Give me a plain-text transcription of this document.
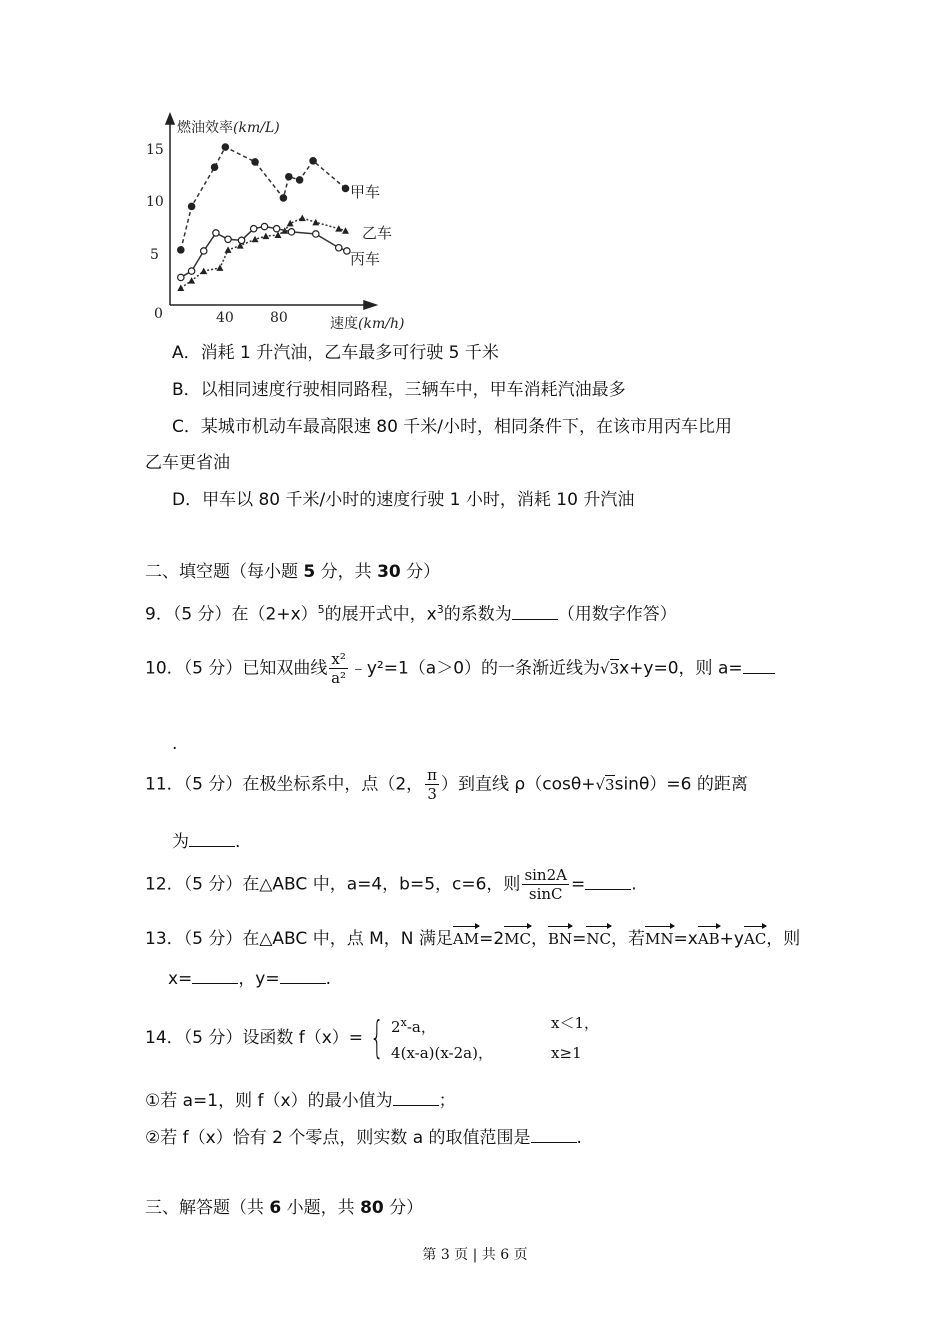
燃油效率(km/L)
15
10
5
0	40	80	速度(km/h)
甲车
乙车
丙车
A．消耗 1 升汽油，乙车最多可行驶 5 千米
B．以相同速度行驶相同路程，三辆车中，甲车消耗汽油最多
C．某城市机动车最高限速 80 千米/小时，相同条件下，在该市用丙车比用
乙车更省油
D．甲车以 80 千米/小时的速度行驶 1 小时，消耗 10 升汽油
二、填空题（每小题 5 分，共 30 分）
9．（5 分）在$(2+x)^5$的展开式中，$x^3$的系数为	（用数字作答）
10．（5 分）已知双曲线 $\frac{\text{x²}}{\text{a²}}$ ﹣y²=1（a＞0）的一条渐近线为√3x+y=0，则 a=
.
11．（5 分）在极坐标系中，点（2， $\frac{\pi}{3}$ ）到直线 ρ（cosθ+√3sinθ）=6 的距离
为	.
12．（5 分）在△ABC 中，a=4，b=5，c=6，则 $\frac{\sin 2A}{\sin C}$ =	.
13．（5 分）在△ABC 中，点 M，N 满足AM=2MC，BN=NC，若MN=xAB+yAC，则
x=	，y=	.
14．（5 分）设函数 f（x）= { 2$^x$-a，	x＜1，
4(x-a)(x-2a)，	x≥1
①若 a=1，则 f（x）的最小值为	；
②若 f（x）恰有 2 个零点，则实数 a 的取值范围是	.
三、解答题（共 6 小题，共 80 分）
第 3 页 | 共 6 页
